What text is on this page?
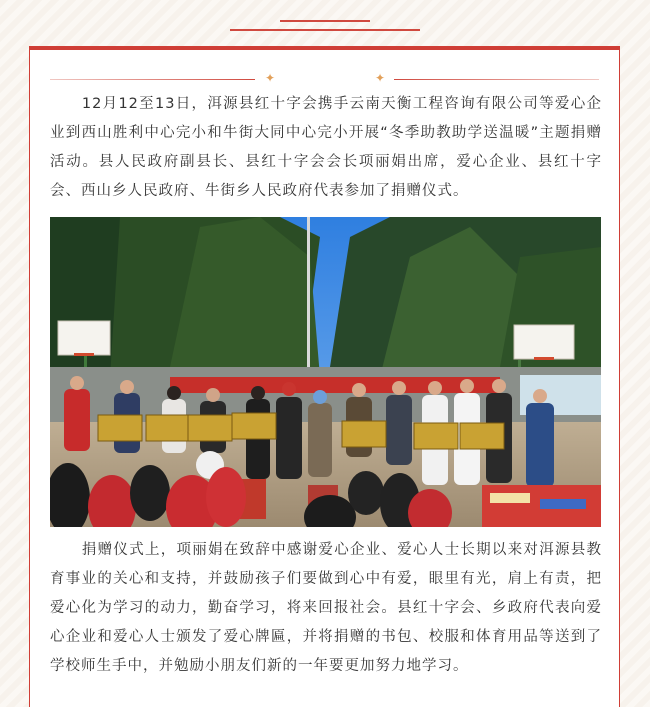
✦	✦

12月12至13日，洱源县红十字会携手云南天衡工程咨询有限公司等爱心企业到西山胜利中心完小和牛街大同中心完小开展“冬季助教助学送温暖”主题捐赠活动。县人民政府副县长、县红十字会会长项丽娟出席，爱心企业、县红十字会、西山乡人民政府、牛街乡人民政府代表参加了捐赠仪式。

捐赠仪式上，项丽娟在致辞中感谢爱心企业、爱心人士长期以来对洱源县教育事业的关心和支持，并鼓励孩子们要做到心中有爱，眼里有光，肩上有责，把爱心化为学习的动力，勤奋学习，将来回报社会。县红十字会、乡政府代表向爱心企业和爱心人士颁发了爱心牌匾，并将捐赠的书包、校服和体育用品等送到了学校师生手中，并勉励小朋友们新的一年要更加努力地学习。
